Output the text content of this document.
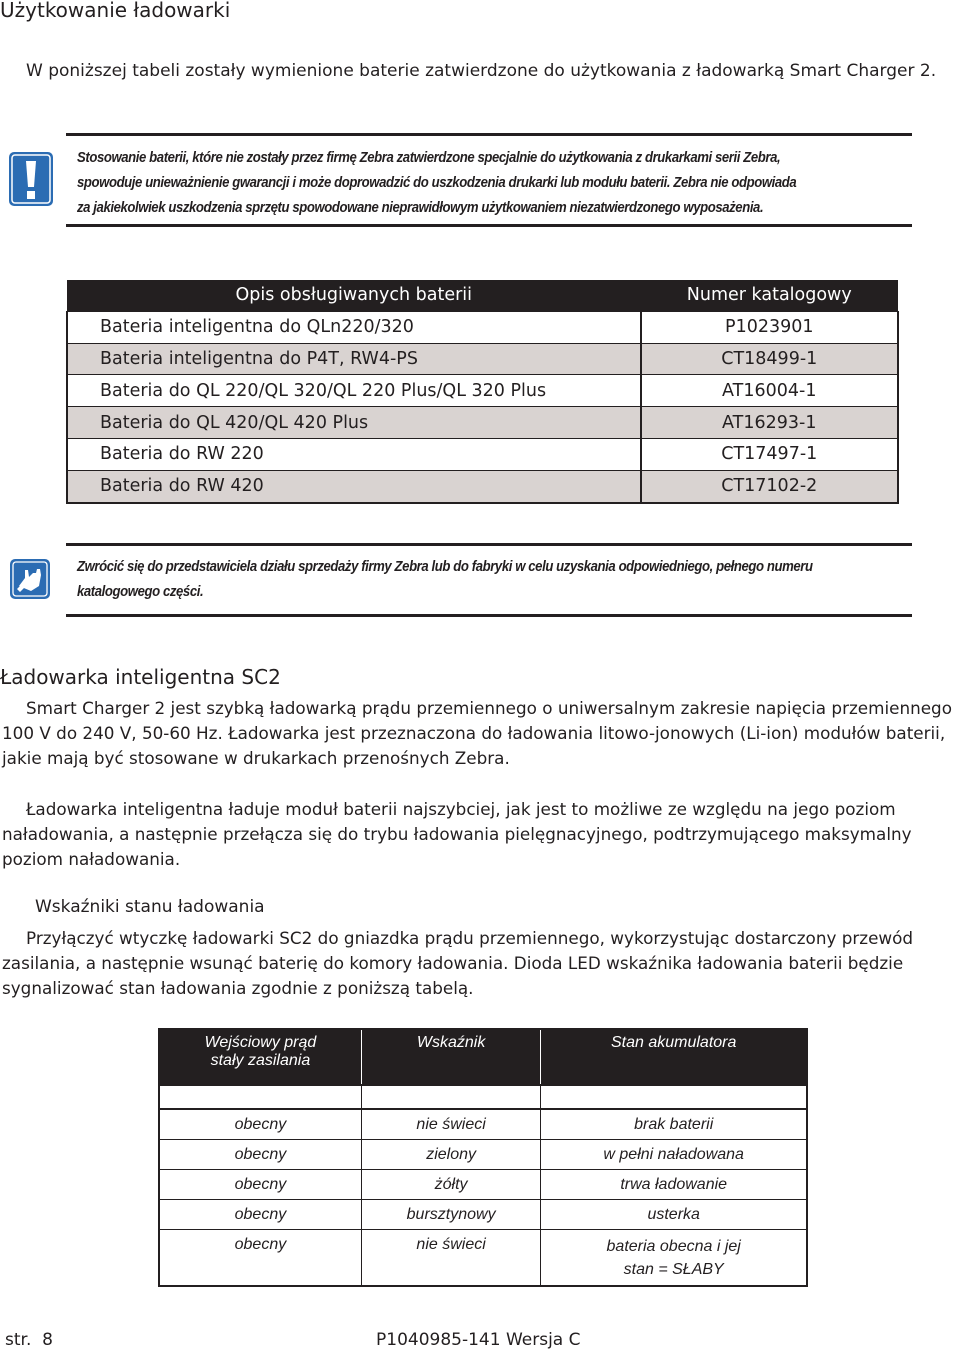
Użytkowanie ładowarki
W poniższej tabeli zostały wymienione baterie zatwierdzone do użytkowania z ładowarką Smart Charger 2.
Stosowanie baterii, które nie zostały przez firmę Zebra zatwierdzone specjalnie do użytkowania z drukarkami serii Zebra,
spowoduje unieważnienie gwarancji i może doprowadzić do uszkodzenia drukarki lub modułu baterii. Zebra nie odpowiada
za jakiekolwiek uszkodzenia sprzętu spowodowane nieprawidłowym użytkowaniem niezatwierdzonego wyposażenia.
Opis obsługiwanych baterii	Numer katalogowy
Bateria inteligentna do QLn220/320	P1023901
Bateria inteligentna do P4T, RW4-PS	CT18499-1
Bateria do QL 220/QL 320/QL 220 Plus/QL 320 Plus	AT16004-1
Bateria do QL 420/QL 420 Plus	AT16293-1
Bateria do RW 220	CT17497-1
Bateria do RW 420	CT17102-2
Zwrócić się do przedstawiciela działu sprzedaży firmy Zebra lub do fabryki w celu uzyskania odpowiedniego, pełnego numeru
katalogowego części.
Ładowarka inteligentna SC2
Smart Charger 2 jest szybką ładowarką prądu przemiennego o uniwersalnym zakresie napięcia przemiennego
100 V do 240 V, 50-60 Hz. Ładowarka jest przeznaczona do ładowania litowo-jonowych (Li-ion) modułów baterii,
jakie mają być stosowane w drukarkach przenośnych Zebra.
Ładowarka inteligentna ładuje moduł baterii najszybciej, jak jest to możliwe ze względu na jego poziom
naładowania, a następnie przełącza się do trybu ładowania pielęgnacyjnego, podtrzymującego maksymalny
poziom naładowania.
Wskaźniki stanu ładowania
Przyłączyć wtyczkę ładowarki SC2 do gniazdka prądu przemiennego, wykorzystując dostarczony przewód
zasilania, a następnie wsunąć baterię do komory ładowania. Dioda LED wskaźnika ładowania baterii będzie
sygnalizować stan ładowania zgodnie z poniższą tabelą.
Wejściowy prąd
stały zasilania	Wskaźnik	Stan akumulatora

obecny	nie świeci	brak baterii
obecny	zielony	w pełni naładowana
obecny	żółty	trwa ładowanie
obecny	bursztynowy	usterka
obecny	nie świeci	bateria obecna i jej
stan = SŁABY
str.  8	P1040985-141 Wersja C
